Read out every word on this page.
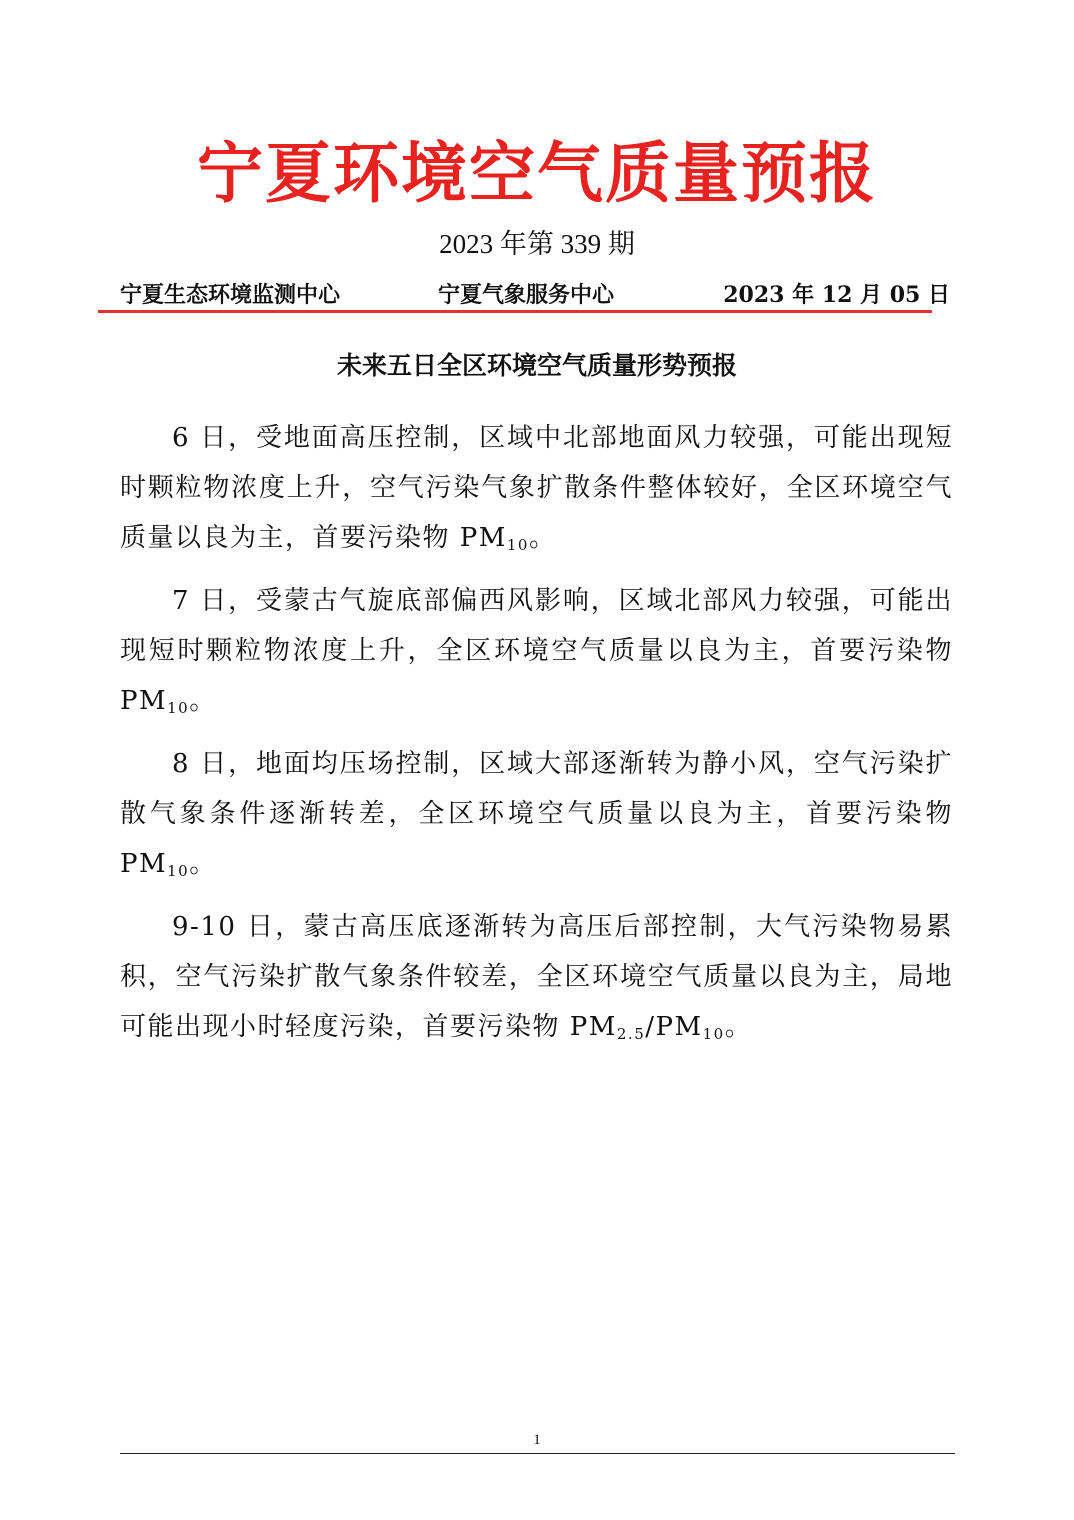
宁夏环境空气质量预报
2023 年第 339 期
宁夏生态环境监测中心	宁夏气象服务中心	2023 年 12 月 05 日
未来五日全区环境空气质量形势预报

6 日，受地面高压控制，区域中北部地面风力较强，可能出现短时颗粒物浓度上升，空气污染气象扩散条件整体较好，全区环境空气质量以良为主，首要污染物 $PM_{10}$。

7 日，受蒙古气旋底部偏西风影响，区域北部风力较强，可能出现短时颗粒物浓度上升，全区环境空气质量以良为主，首要污染物 $PM_{10}$。

8 日，地面均压场控制，区域大部逐渐转为静小风，空气污染扩散气象条件逐渐转差，全区环境空气质量以良为主，首要污染物$PM_{10}$。

9-10 日，蒙古高压底逐渐转为高压后部控制，大气污染物易累积，空气污染扩散气象条件较差，全区环境空气质量以良为主，局地可能出现小时轻度污染，首要污染物 $PM_{2.5}/PM_{10}$。

1
